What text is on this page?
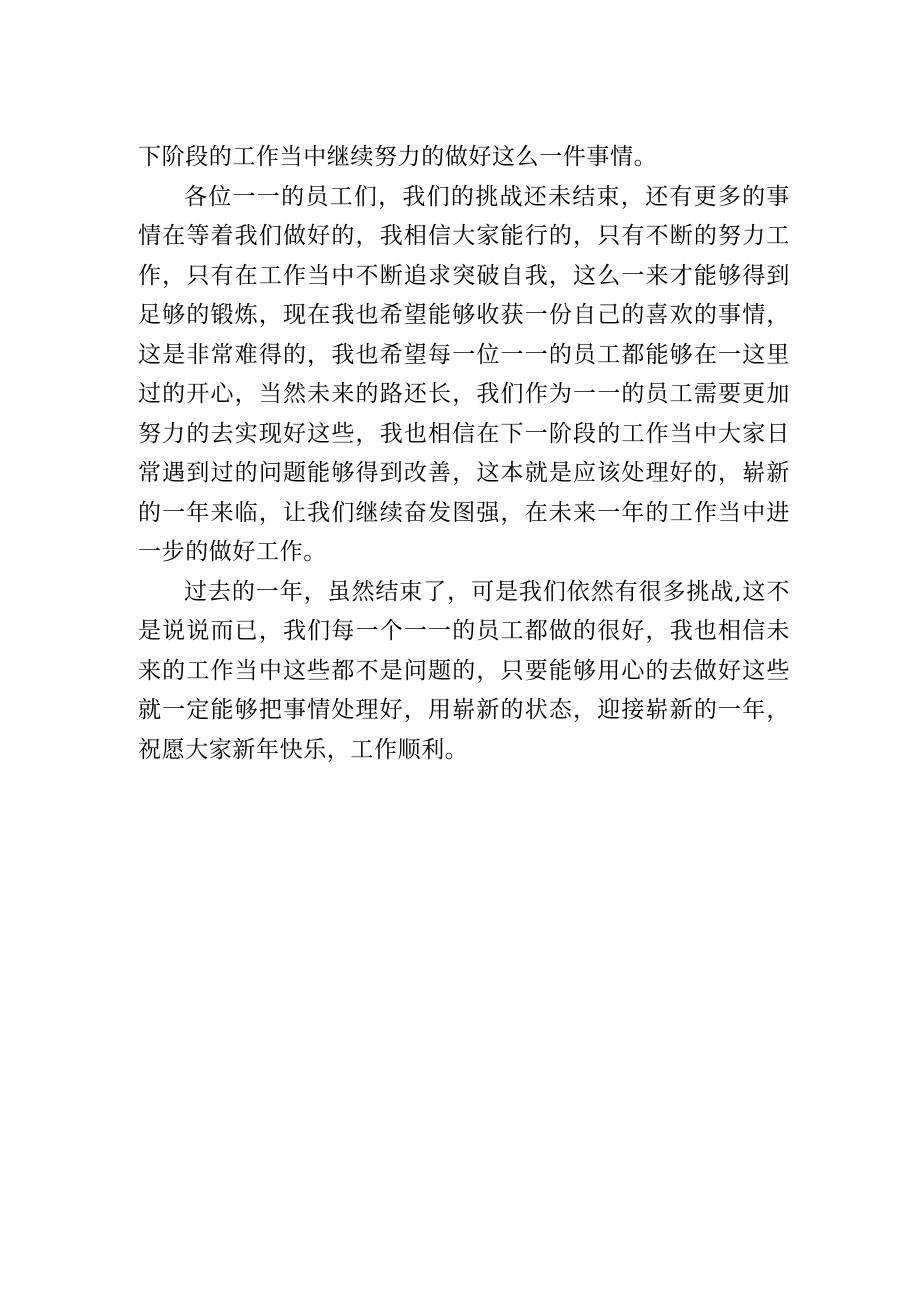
下阶段的工作当中继续努力的做好这么一件事情。

各位一一的员工们，我们的挑战还未结束，还有更多的事情在等着我们做好的，我相信大家能行的，只有不断的努力工作，只有在工作当中不断追求突破自我，这么一来才能够得到足够的锻炼，现在我也希望能够收获一份自己的喜欢的事情，这是非常难得的，我也希望每一位一一的员工都能够在一这里过的开心，当然未来的路还长，我们作为一一的员工需要更加努力的去实现好这些，我也相信在下一阶段的工作当中大家日常遇到过的问题能够得到改善，这本就是应该处理好的，崭新的一年来临，让我们继续奋发图强，在未来一年的工作当中进一步的做好工作。

过去的一年，虽然结束了，可是我们依然有很多挑战,这不是说说而已，我们每一个一一的员工都做的很好，我也相信未来的工作当中这些都不是问题的，只要能够用心的去做好这些就一定能够把事情处理好，用崭新的状态，迎接崭新的一年，祝愿大家新年快乐，工作顺利。
